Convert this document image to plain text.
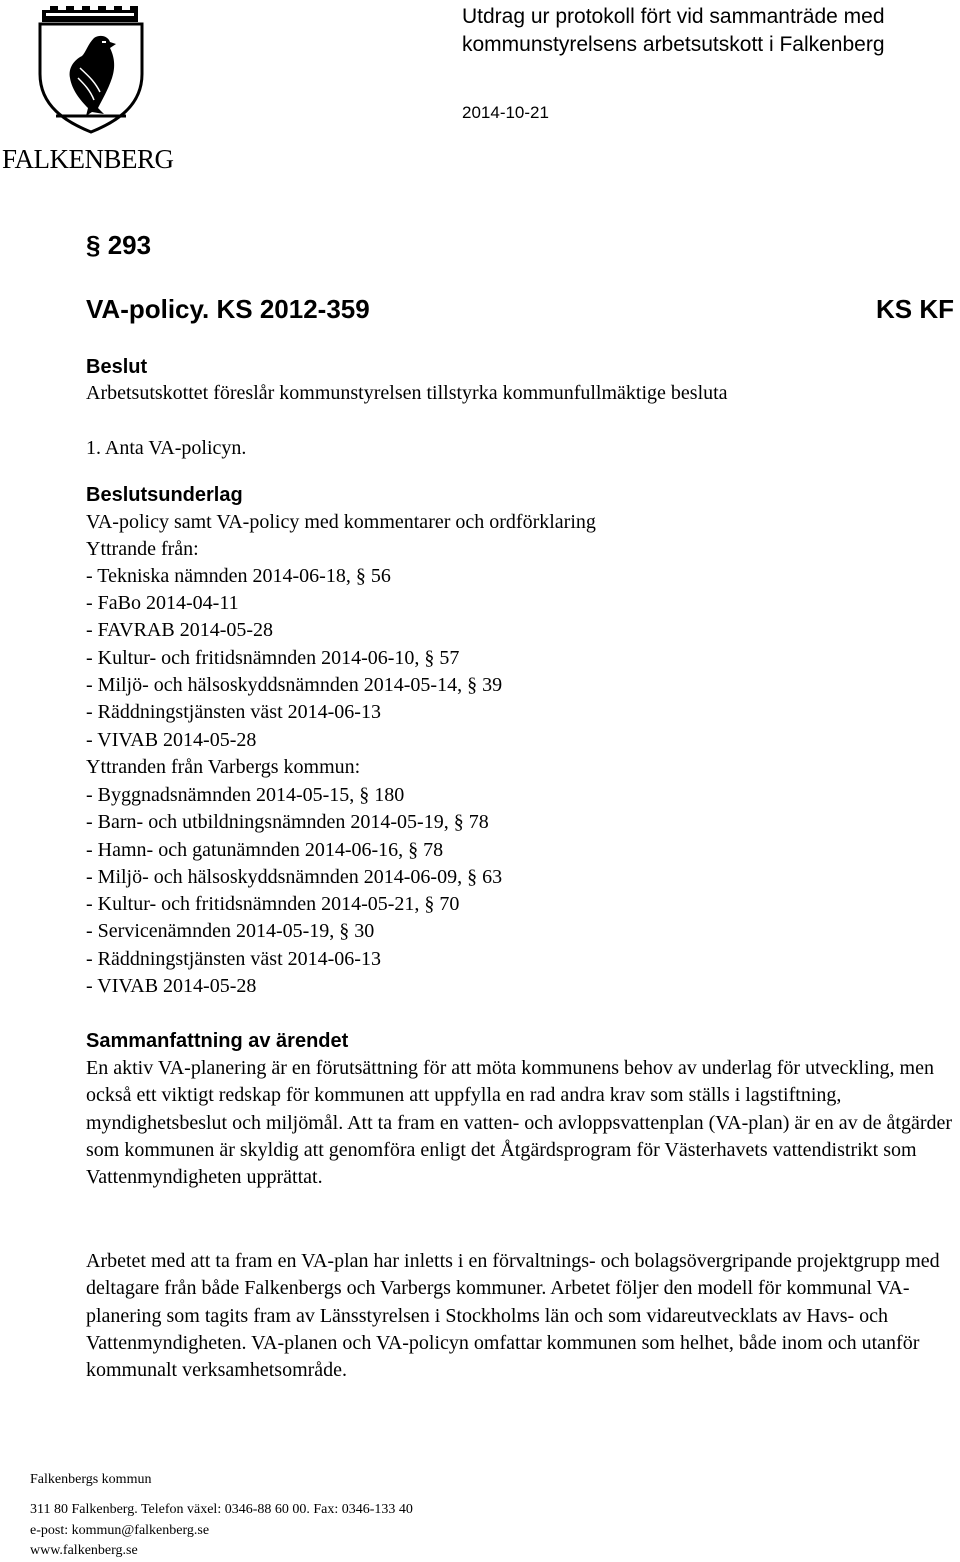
FALKENBERG
Utdrag ur protokoll fört vid sammanträde med
kommunstyrelsens arbetsutskott i Falkenberg
2014-10-21
§ 293
VA-policy. KS 2012-359	KS KF
Beslut
Arbetsutskottet föreslår kommunstyrelsen tillstyrka kommunfullmäktige besluta
1. Anta VA-policyn.
Beslutsunderlag
VA-policy samt VA-policy med kommentarer och ordförklaring
Yttrande från:
- Tekniska nämnden 2014-06-18, § 56
- FaBo 2014-04-11
- FAVRAB 2014-05-28
- Kultur- och fritidsnämnden 2014-06-10, § 57
- Miljö- och hälsoskyddsnämnden 2014-05-14, § 39
- Räddningstjänsten väst 2014-06-13
- VIVAB 2014-05-28
Yttranden från Varbergs kommun:
- Byggnadsnämnden 2014-05-15, § 180
- Barn- och utbildningsnämnden 2014-05-19, § 78
- Hamn- och gatunämnden 2014-06-16, § 78
- Miljö- och hälsoskyddsnämnden 2014-06-09, § 63
- Kultur- och fritidsnämnden 2014-05-21, § 70
- Servicenämnden 2014-05-19, § 30
- Räddningstjänsten väst 2014-06-13
- VIVAB 2014-05-28
Sammanfattning av ärendet
En aktiv VA-planering är en förutsättning för att möta kommunens behov av underlag för utveckling, men också ett viktigt redskap för kommunen att uppfylla en rad andra krav som ställs i lagstiftning, myndighetsbeslut och miljömål. Att ta fram en vatten- och avloppsvattenplan (VA-plan) är en av de åtgärder som kommunen är skyldig att genomföra enligt det Åtgärdsprogram för Västerhavets vattendistrikt som Vattenmyndigheten upprättat.
Arbetet med att ta fram en VA-plan har inletts i en förvaltnings- och bolagsövergripande projektgrupp med deltagare från både Falkenbergs och Varbergs kommuner. Arbetet följer den modell för kommunal VA-planering som tagits fram av Länsstyrelsen i Stockholms län och som vidareutvecklats av Havs- och Vattenmyndigheten. VA-planen och VA-policyn omfattar kommunen som helhet, både inom och utanför kommunalt verksamhetsområde.
Falkenbergs kommun
311 80 Falkenberg. Telefon växel: 0346-88 60 00. Fax: 0346-133 40
e-post: kommun@falkenberg.se
www.falkenberg.se
